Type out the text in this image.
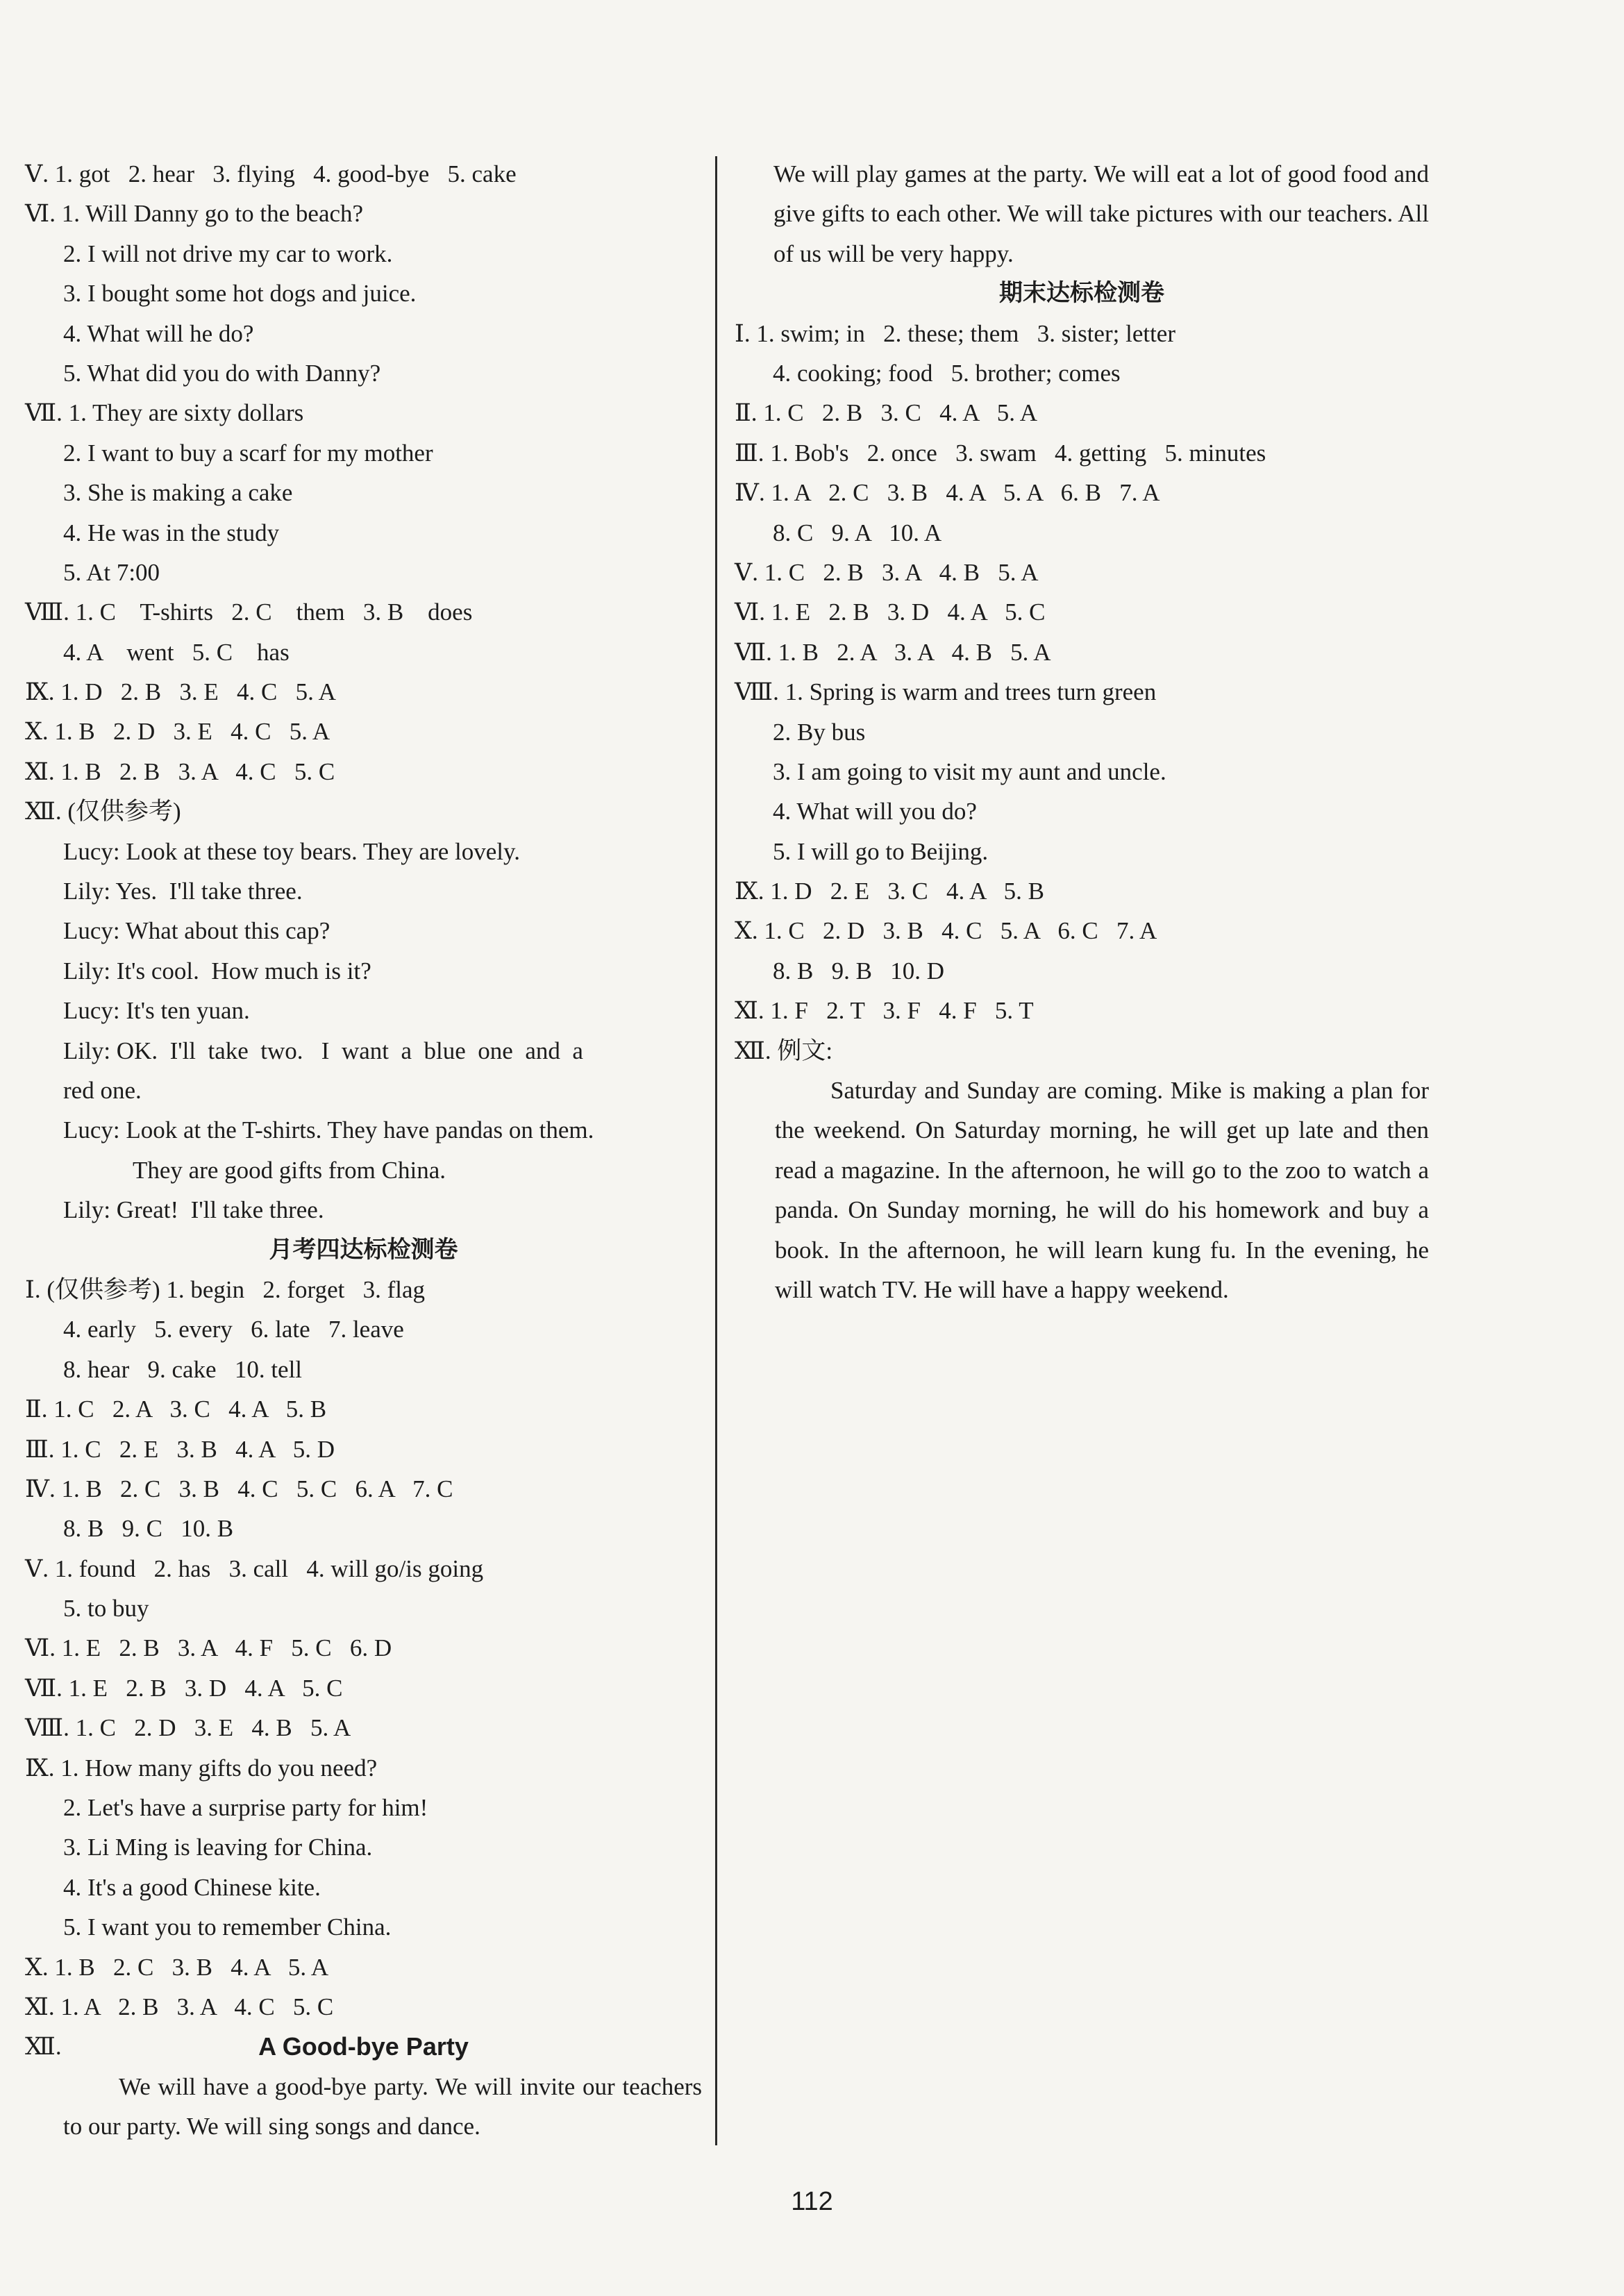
Ⅴ. 1. got   2. hear   3. flying   4. good-bye   5. cake
Ⅵ. 1. Will Danny go to the beach?
2. I will not drive my car to work.
3. I bought some hot dogs and juice.
4. What will he do?
5. What did you do with Danny?
Ⅶ. 1. They are sixty dollars
2. I want to buy a scarf for my mother
3. She is making a cake
4. He was in the study
5. At 7:00
Ⅷ. 1. C    T-shirts   2. C    them   3. B    does
4. A    went   5. C    has
Ⅸ. 1. D   2. B   3. E   4. C   5. A
Ⅹ. 1. B   2. D   3. E   4. C   5. A
Ⅺ. 1. B   2. B   3. A   4. C   5. C
Ⅻ. (仅供参考)
Lucy: Look at these toy bears. They are lovely.
Lily: Yes.  I'll take three.
Lucy: What about this cap?
Lily: It's cool.  How much is it?
Lucy: It's ten yuan.
Lily: OK.  I'll  take  two.   I  want  a  blue  one  and  a
red one.
Lucy: Look at the T-shirts. They have pandas on them.
They are good gifts from China.
Lily: Great!  I'll take three.
月考四达标检测卷
Ⅰ. (仅供参考) 1. begin   2. forget   3. flag
4. early   5. every   6. late   7. leave
8. hear   9. cake   10. tell
Ⅱ. 1. C   2. A   3. C   4. A   5. B
Ⅲ. 1. C   2. E   3. B   4. A   5. D
Ⅳ. 1. B   2. C   3. B   4. C   5. C   6. A   7. C
8. B   9. C   10. B
Ⅴ. 1. found   2. has   3. call   4. will go/is going
5. to buy
Ⅵ. 1. E   2. B   3. A   4. F   5. C   6. D
Ⅶ. 1. E   2. B   3. D   4. A   5. C
Ⅷ. 1. C   2. D   3. E   4. B   5. A
Ⅸ. 1. How many gifts do you need?
2. Let's have a surprise party for him!
3. Li Ming is leaving for China.
4. It's a good Chinese kite.
5. I want you to remember China.
Ⅹ. 1. B   2. C   3. B   4. A   5. A
Ⅺ. 1. A   2. B   3. A   4. C   5. C
Ⅻ.	A Good-bye Party
We will have a good-bye party. We will invite our teachers to our party. We will sing songs and dance.
We will play games at the party. We will eat a lot of good food and give gifts to each other. We will take pictures with our teachers. All of us will be very happy.
期末达标检测卷
Ⅰ. 1. swim; in   2. these; them   3. sister; letter
4. cooking; food   5. brother; comes
Ⅱ. 1. C   2. B   3. C   4. A   5. A
Ⅲ. 1. Bob's   2. once   3. swam   4. getting   5. minutes
Ⅳ. 1. A   2. C   3. B   4. A   5. A   6. B   7. A
8. C   9. A   10. A
Ⅴ. 1. C   2. B   3. A   4. B   5. A
Ⅵ. 1. E   2. B   3. D   4. A   5. C
Ⅶ. 1. B   2. A   3. A   4. B   5. A
Ⅷ. 1. Spring is warm and trees turn green
2. By bus
3. I am going to visit my aunt and uncle.
4. What will you do?
5. I will go to Beijing.
Ⅸ. 1. D   2. E   3. C   4. A   5. B
Ⅹ. 1. C   2. D   3. B   4. C   5. A   6. C   7. A
8. B   9. B   10. D
Ⅺ. 1. F   2. T   3. F   4. F   5. T
Ⅻ. 例文:
Saturday and Sunday are coming. Mike is making a plan for the weekend. On Saturday morning, he will get up late and then read a magazine. In the afternoon, he will go to the zoo to watch a panda. On Sunday morning, he will do his homework and buy a book. In the afternoon, he will learn kung fu. In the evening, he will watch TV. He will have a happy weekend.
112
